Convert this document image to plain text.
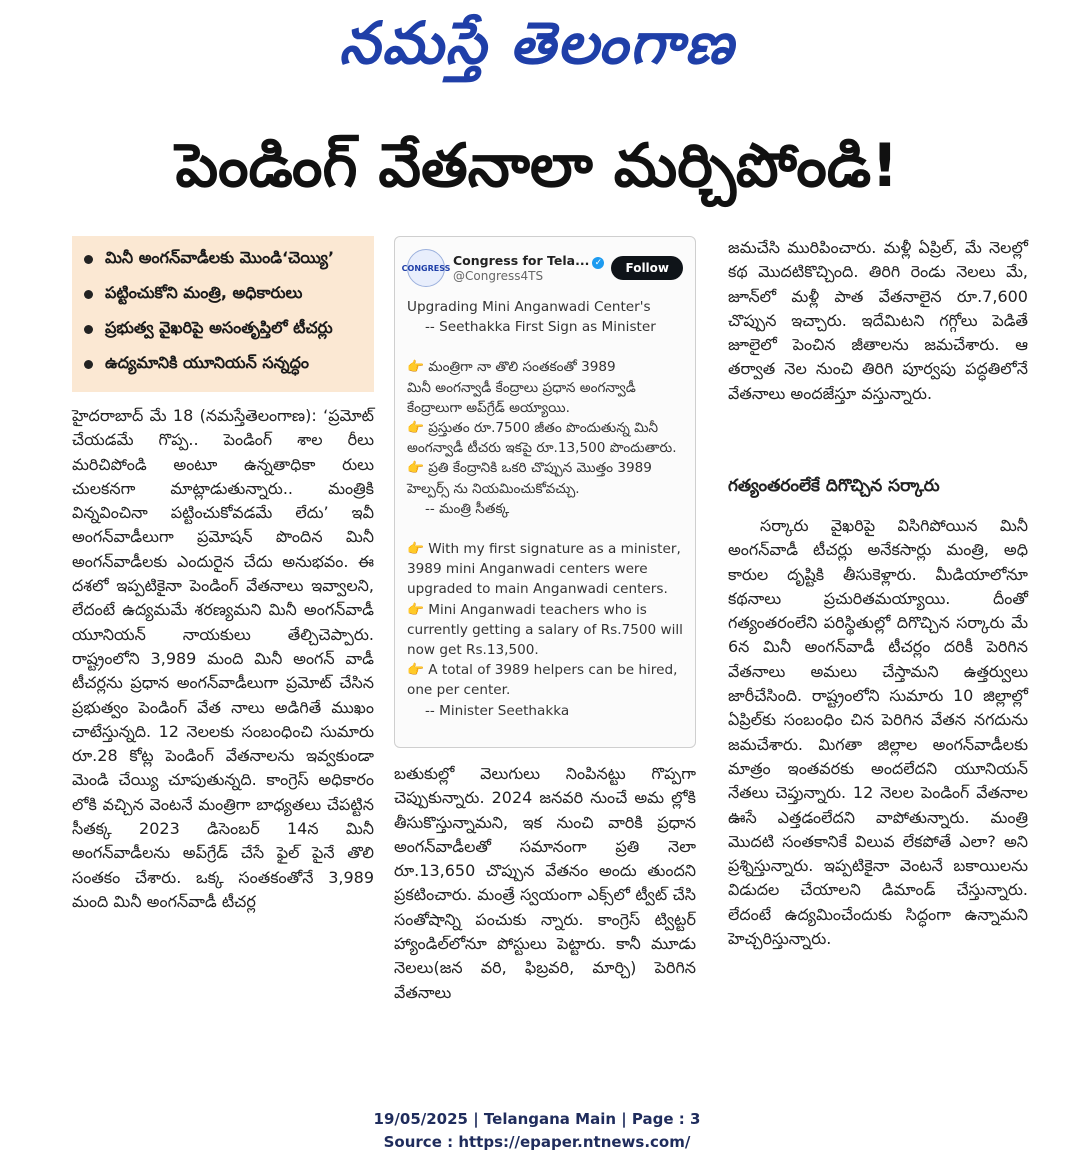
నమస్తే తెలంగాణ
పెండింగ్ వేతనాలా మర్చిపోండి!
మినీ అంగన్‌వాడీలకు మొండి‘చెయ్యి’
పట్టించుకోని మంత్రి, అధికారులు
ప్రభుత్వ వైఖరిపై అసంతృప్తిలో టీచర్లు
ఉద్యమానికి యూనియన్ సన్నద్ధం

హైదరాబాద్ మే 18 (నమస్తేతెలంగాణ): ‘ప్రమోట్ చేయడమే గొప్ప.. పెండింగ్ శాల రీలు మరిచిపోండి అంటూ ఉన్నతాధికా రులు చులకనగా మాట్లాడుతున్నారు.. మంత్రికి విన్నవించినా పట్టించుకోవడమే లేదు’ ఇవీ అంగన్‌వాడీలుగా ప్రమోషన్ పొందిన మినీ అంగన్‌వాడీలకు ఎందురైన చేదు అనుభవం. ఈ దశలో ఇప్పటికైనా పెండింగ్ వేతనాలు ఇవ్వాలని, లేదంటే ఉద్యమమే శరణ్యమని మినీ అంగన్‌వాడీ యూనియన్ నాయకులు తేల్చిచెప్పారు. రాష్ట్రంలోని 3,989 మంది మినీ అంగన్ వాడీ టీచర్లను ప్రధాన అంగన్‌వాడీలుగా ప్రమోట్ చేసిన ప్రభుత్వం పెండింగ్ వేత నాలు అడిగితే ముఖం చాటేస్తున్నది. 12 నెలలకు సంబంధించి సుమారు రూ.28 కోట్ల పెండింగ్ వేతనాలను ఇవ్వకుండా మెండి చేయ్యి చూపుతున్నది. కాంగ్రెస్ అధికారం లోకి వచ్చిన వెంటనే మంత్రిగా బాధ్యతలు చేపట్టిన సీతక్క 2023 డిసెంబర్ 14న మినీ అంగన్‌వాడీలను అప్‌గ్రేడ్ చేసే ఫైల్ పైనే తొలి సంతకం చేశారు. ఒక్క సంతకంతోనే 3,989 మంది మినీ అంగన్‌వాడీ టీచర్ల

CONGRESS Congress for Tela... ✓
@Congress4TS
Follow
Upgrading Mini Anganwadi Center's
-- Seethakka First Sign as Minister
👉 మంత్రిగా నా తొలి సంతకంతో 3989
మినీ అంగన్వాడీ కేంద్రాలు ప్రధాన అంగన్వాడీ
కేంద్రాలుగా అప్‌గ్రేడ్ అయ్యాయి.
👉 ప్రస్తుతం రూ.7500 జీతం పొందుతున్న మినీ
అంగన్వాడీ టీచరు ఇకపై రూ.13,500 పొందుతారు.
👉 ప్రతి కేంద్రానికి ఒకరి చొప్పున మొత్తం 3989
హెల్పర్స్ ను నియమించుకోవచ్చు.
-- మంత్రి సీతక్క
👉 With my first signature as a minister,
3989 mini Anganwadi centers were
upgraded to main Anganwadi centers.
👉 Mini Anganwadi teachers who is
currently getting a salary of Rs.7500 will
now get Rs.13,500.
👉 A total of 3989 helpers can be hired,
one per center.
-- Minister Seethakka

బతుకుల్లో వెలుగులు నింపినట్టు గొప్పగా చెప్పుకున్నారు. 2024 జనవరి నుంచే అమ ల్లోకి తీసుకొస్తున్నామని, ఇక నుంచి వారికి ప్రధాన అంగన్‌వాడీలతో సమానంగా ప్రతి నెలా రూ.13,650 చొప్పున వేతనం అందు తుందని ప్రకటించారు. మంత్రే స్వయంగా ఎక్స్‌లో ట్వీట్ చేసి సంతోషాన్ని పంచుకు న్నారు. కాంగ్రెస్ ట్విట్టర్ హ్యాండిల్‌లోనూ పోస్టులు పెట్టారు. కానీ మూడు నెలలు(జన వరి, ఫిబ్రవరి, మార్చి) పెరిగిన వేతనాలు

జమచేసి మురిపించారు. మళ్లీ ఏప్రిల్, మే నెలల్లో కథ మొదటికొచ్చింది. తిరిగి రెండు నెలలు మే, జూన్‌లో మళ్లీ పాత వేతనాలైన రూ.7,600 చొప్పున ఇచ్చారు. ఇదేమిటని గగ్గోలు పెడితే జూలైలో పెంచిన జీతాలను జమచేశారు. ఆ తర్వాత నెల నుంచి తిరిగి పూర్వపు పద్ధతిలోనే వేతనాలు అందజేస్తూ వస్తున్నారు.

గత్యంతరంలేకే దిగొచ్చిన సర్కారు

సర్కారు వైఖరిపై విసిగిపోయిన మినీ అంగన్‌వాడీ టీచర్లు అనేకసార్లు మంత్రి, అధి కారుల దృష్టికి తీసుకెళ్లారు. మీడియాలోనూ కథనాలు ప్రచురితమయ్యాయి. దీంతో గత్యంతరంలేని పరిస్థితుల్లో దిగొచ్చిన సర్కారు మే 6న మినీ అంగన్‌వాడీ టీచర్లం దరికీ పెరిగిన వేతనాలు అమలు చేస్తామని ఉత్తర్వులు జారీచేసింది. రాష్ట్రంలోని సుమారు 10 జిల్లాల్లో ఏప్రిల్‌కు సంబంధిం చిన పెరిగిన వేతన నగదును జమచేశారు. మిగతా జిల్లాల అంగన్‌వాడీలకు మాత్రం ఇంతవరకు అందలేదని యూనియన్ నేతలు చెప్తున్నారు. 12 నెలల పెండింగ్ వేతనాల ఊసే ఎత్తడంలేదని వాపోతున్నారు. మంత్రి మొదటి సంతకానికే విలువ లేకపోతే ఎలా? అని ప్రశ్నిస్తున్నారు. ఇప్పటికైనా వెంటనే బకాయిలను విడుదల చేయాలని డిమాండ్ చేస్తున్నారు. లేదంటే ఉద్యమించేందుకు సిద్ధంగా ఉన్నామని హెచ్చరిస్తున్నారు.

19/05/2025 | Telangana Main | Page : 3
Source : https://epaper.ntnews.com/
